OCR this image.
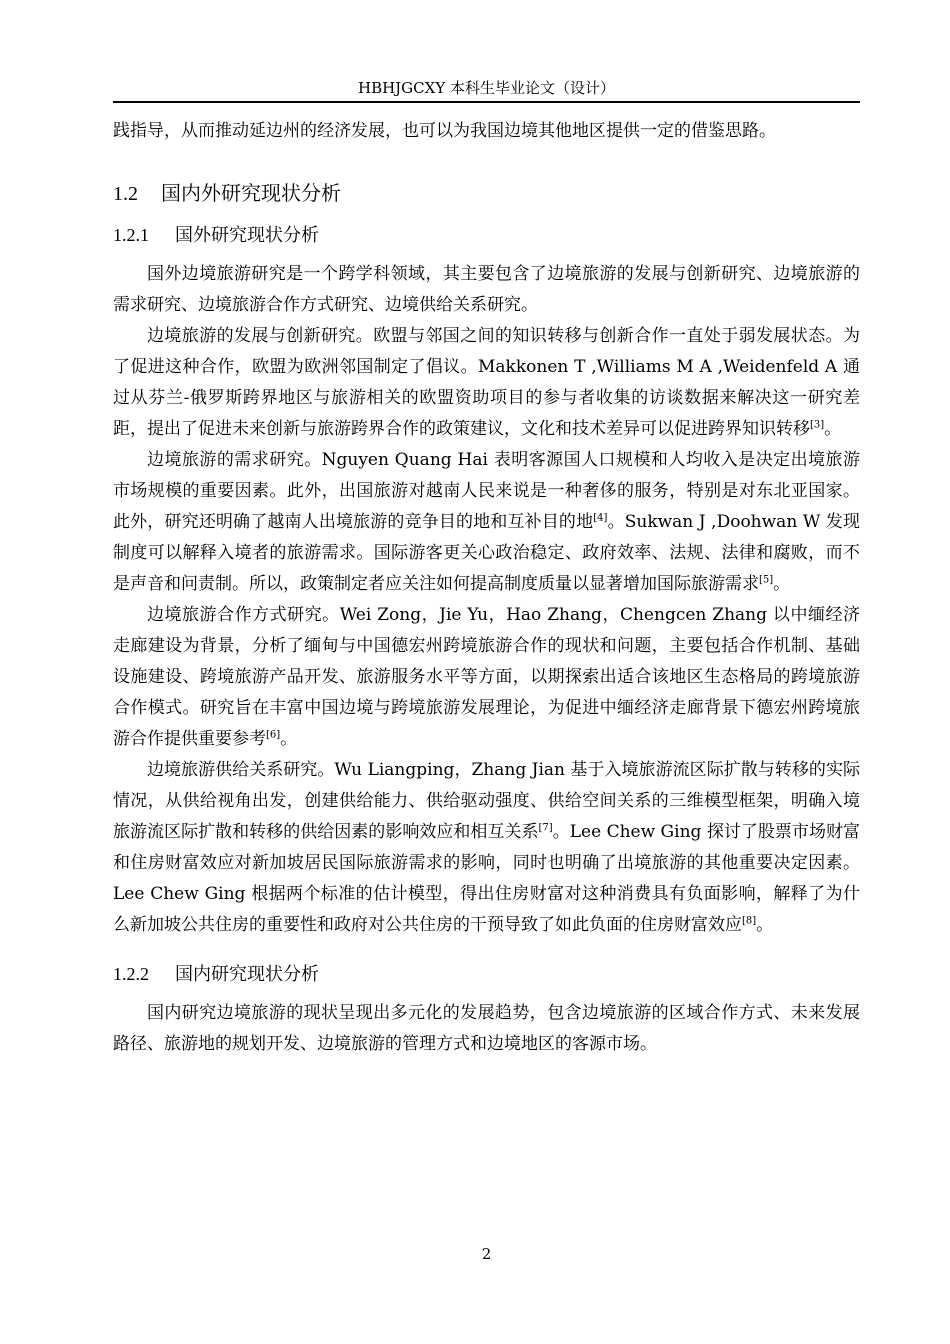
HBHJGCXY 本科生毕业论文（设计）

践指导，从而推动延边州的经济发展，也可以为我国边境其他地区提供一定的借鉴思路。

1.2 国内外研究现状分析
1.2.1 国外研究现状分析

国外边境旅游研究是一个跨学科领域，其主要包含了边境旅游的发展与创新研究、边境旅游的需求研究、边境旅游合作方式研究、边境供给关系研究。

边境旅游的发展与创新研究。欧盟与邻国之间的知识转移与创新合作一直处于弱发展状态。为了促进这种合作，欧盟为欧洲邻国制定了倡议。Makkonen T ,Williams M A ,Weidenfeld A 通过从芬兰-俄罗斯跨界地区与旅游相关的欧盟资助项目的参与者收集的访谈数据来解决这一研究差距，提出了促进未来创新与旅游跨界合作的政策建议，文化和技术差异可以促进跨界知识转移[3]。

边境旅游的需求研究。Nguyen Quang Hai 表明客源国人口规模和人均收入是决定出境旅游市场规模的重要因素。此外，出国旅游对越南人民来说是一种奢侈的服务，特别是对东北亚国家。此外，研究还明确了越南人出境旅游的竞争目的地和互补目的地[4]。Sukwan J ,Doohwan W 发现制度可以解释入境者的旅游需求。国际游客更关心政治稳定、政府效率、法规、法律和腐败，而不是声音和问责制。所以，政策制定者应关注如何提高制度质量以显著增加国际旅游需求[5]。

边境旅游合作方式研究。Wei Zong，Jie Yu，Hao Zhang，Chengcen Zhang 以中缅经济走廊建设为背景，分析了缅甸与中国德宏州跨境旅游合作的现状和问题，主要包括合作机制、基础设施建设、跨境旅游产品开发、旅游服务水平等方面，以期探索出适合该地区生态格局的跨境旅游合作模式。研究旨在丰富中国边境与跨境旅游发展理论，为促进中缅经济走廊背景下德宏州跨境旅游合作提供重要参考[6]。

边境旅游供给关系研究。Wu Liangping，Zhang Jian 基于入境旅游流区际扩散与转移的实际情况，从供给视角出发，创建供给能力、供给驱动强度、供给空间关系的三维模型框架，明确入境旅游流区际扩散和转移的供给因素的影响效应和相互关系[7]。Lee Chew Ging 探讨了股票市场财富和住房财富效应对新加坡居民国际旅游需求的影响，同时也明确了出境旅游的其他重要决定因素。Lee Chew Ging 根据两个标准的估计模型，得出住房财富对这种消费具有负面影响，解释了为什么新加坡公共住房的重要性和政府对公共住房的干预导致了如此负面的住房财富效应[8]。

1.2.2 国内研究现状分析

国内研究边境旅游的现状呈现出多元化的发展趋势，包含边境旅游的区域合作方式、未来发展路径、旅游地的规划开发、边境旅游的管理方式和边境地区的客源市场。

2
